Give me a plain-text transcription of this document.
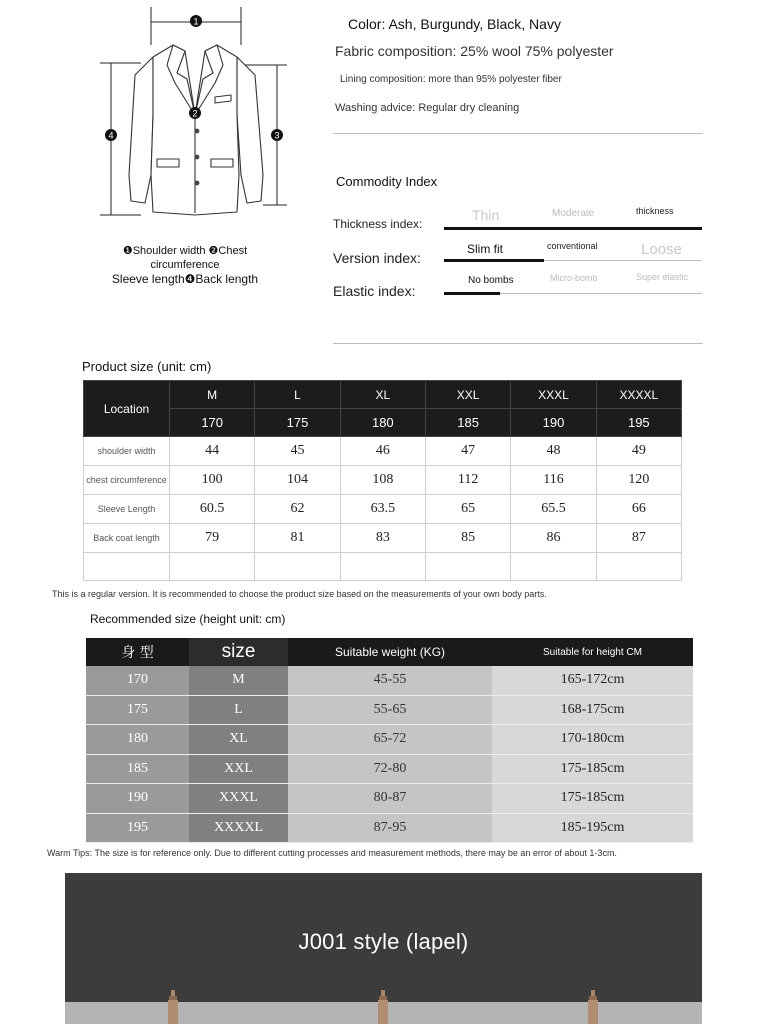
1
2
3
4
❶Shoulder width ❷Chest circumference
Sleeve length❹Back length
Color: Ash, Burgundy, Black, Navy
Fabric composition: 25% wool 75% polyester
Lining composition: more than 95% polyester fiber
Washing advice: Regular dry cleaning
Commodity Index
Thickness index:
Thin	Moderate	thickness
Version index:
Slim fit	conventional	Loose
Elastic index:
No bombs	Micro-bomb	Super elastic
Product size (unit: cm)
Location	M	L	XL	XXL	XXXL	XXXXL
	170	175	180	185	190	195
shoulder width	44	45	46	47	48	49
chest circumference	100	104	108	112	116	120
Sleeve Length	60.5	62	63.5	65	65.5	66
Back coat length	79	81	83	85	86	87

This is a regular version. It is recommended to choose the product size based on the measurements of your own body parts.
Recommended size (height unit: cm)
身 型	size	Suitable weight (KG)	Suitable for height CM
170	M	45-55	165-172cm
175	L	55-65	168-175cm
180	XL	65-72	170-180cm
185	XXL	72-80	175-185cm
190	XXXL	80-87	175-185cm
195	XXXXL	87-95	185-195cm
Warm Tips: The size is for reference only. Due to different cutting processes and measurement methods, there may be an error of about 1-3cm.
J001 style (lapel)
